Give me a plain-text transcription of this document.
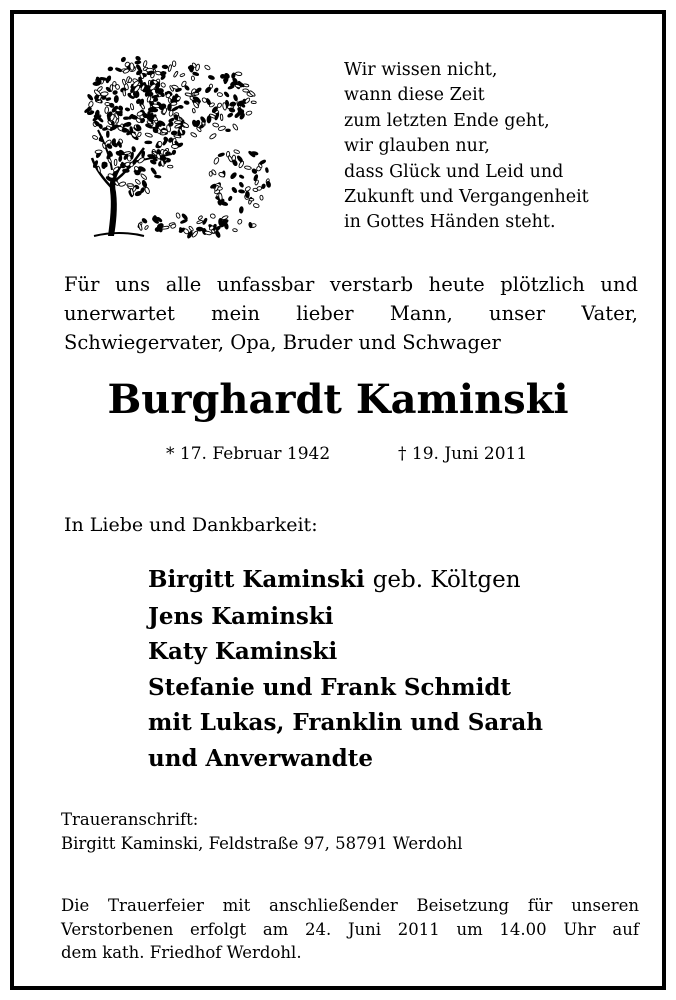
Wir wissen nicht,
wann diese Zeit
zum letzten Ende geht,
wir glauben nur,
dass Glück und Leid und
Zukunft und Vergangenheit
in Gottes Händen steht.
Für uns alle unfassbar verstarb heute plötzlich und
unerwartet mein lieber Mann, unser Vater,
Schwiegervater, Opa, Bruder und Schwager
Burghardt Kaminski
* 17. Februar 1942	† 19. Juni 2011
In Liebe und Dankbarkeit:
Birgitt Kaminski geb. Költgen
Jens Kaminski
Katy Kaminski
Stefanie und Frank Schmidt
mit Lukas, Franklin und Sarah
und Anverwandte
Traueranschrift:
Birgitt Kaminski, Feldstraße 97, 58791 Werdohl
Die Trauerfeier mit anschließender Beisetzung für unseren
Verstorbenen erfolgt am 24. Juni 2011 um 14.00 Uhr auf
dem kath. Friedhof Werdohl.
